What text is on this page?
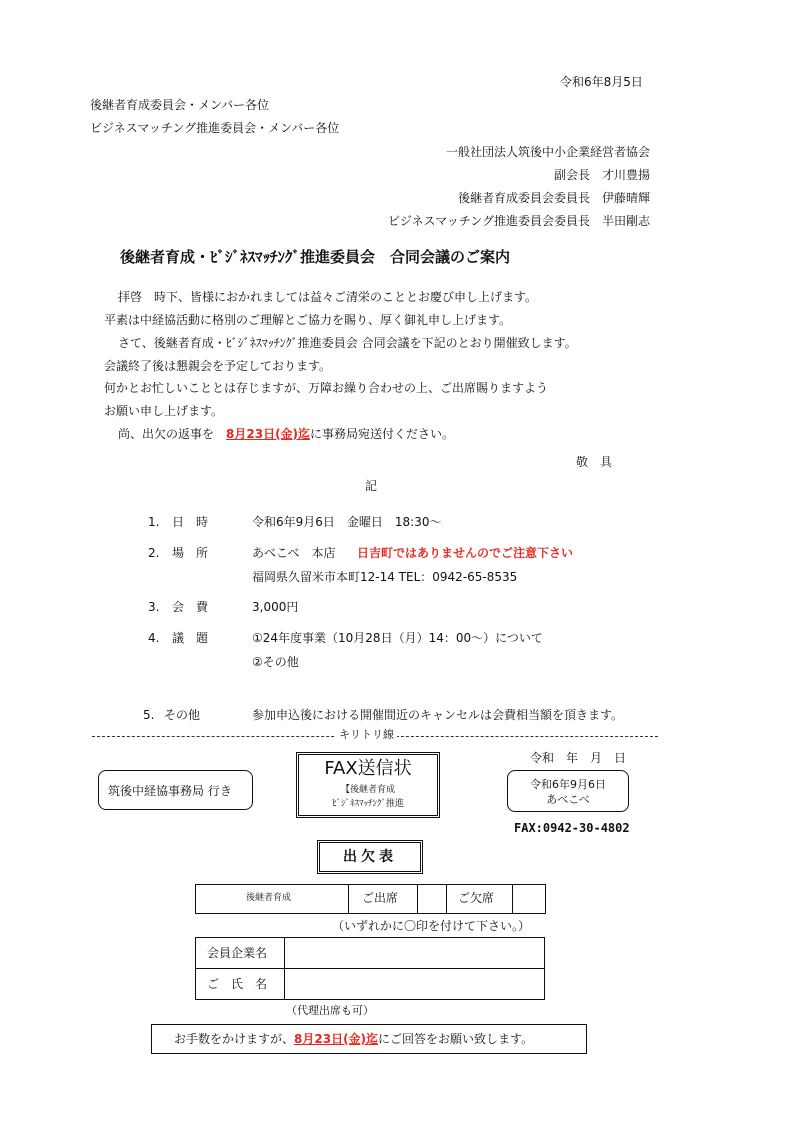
令和6年8月5日
後継者育成委員会・メンバー各位
ビジネスマッチング推進委員会・メンバー各位
一般社団法人筑後中小企業経営者協会
副会長　才川豊揚
後継者育成委員会委員長　伊藤晴輝
ビジネスマッチング推進委員会委員長　半田剛志
後継者育成・ﾋﾞｼﾞﾈｽﾏｯﾁﾝｸﾞ推進委員会　合同会議のご案内
拝啓　時下、皆様におかれましては益々ご清栄のこととお慶び申し上げます。
平素は中経協活動に格別のご理解とご協力を賜り、厚く御礼申し上げます。
さて、後継者育成・ﾋﾞｼﾞﾈｽﾏｯﾁﾝｸﾞ推進委員会 合同会議を下記のとおり開催致します。
会議終了後は懇親会を予定しております。
何かとお忙しいこととは存じますが、万障お繰り合わせの上、ご出席賜りますよう
お願い申し上げます。
尚、出欠の返事を　8月23日(金)迄に事務局宛送付ください。
敬　具
記
1. 日　時	令和6年9月6日　金曜日　18:30～
2. 場　所	あべこべ　本店 日吉町ではありませんのでご注意下さい
福岡県久留米市本町12-14 TEL：0942-65-8535
3. 会　費	3,000円
4. 議　題	①24年度事業（10月28日（月）14：00～）について
②その他
5. その他	参加申込後における開催間近のキャンセルは会費相当額を頂きます。
キリトリ線
筑後中経協事務局 行き
FAX送信状
【後継者育成
ﾋﾞｼﾞﾈｽﾏｯﾁﾝｸﾞ推進
令和　年　月　日
令和6年9月6日
あべこべ
FAX:0942-30-4802
出欠表
後継者育成	ご出席	ご欠席
（いずれかに〇印を付けて下さい。）
会員企業名
ご　氏　名
（代理出席も可）
お手数をかけますが、8月23日(金)迄にご回答をお願い致します。
